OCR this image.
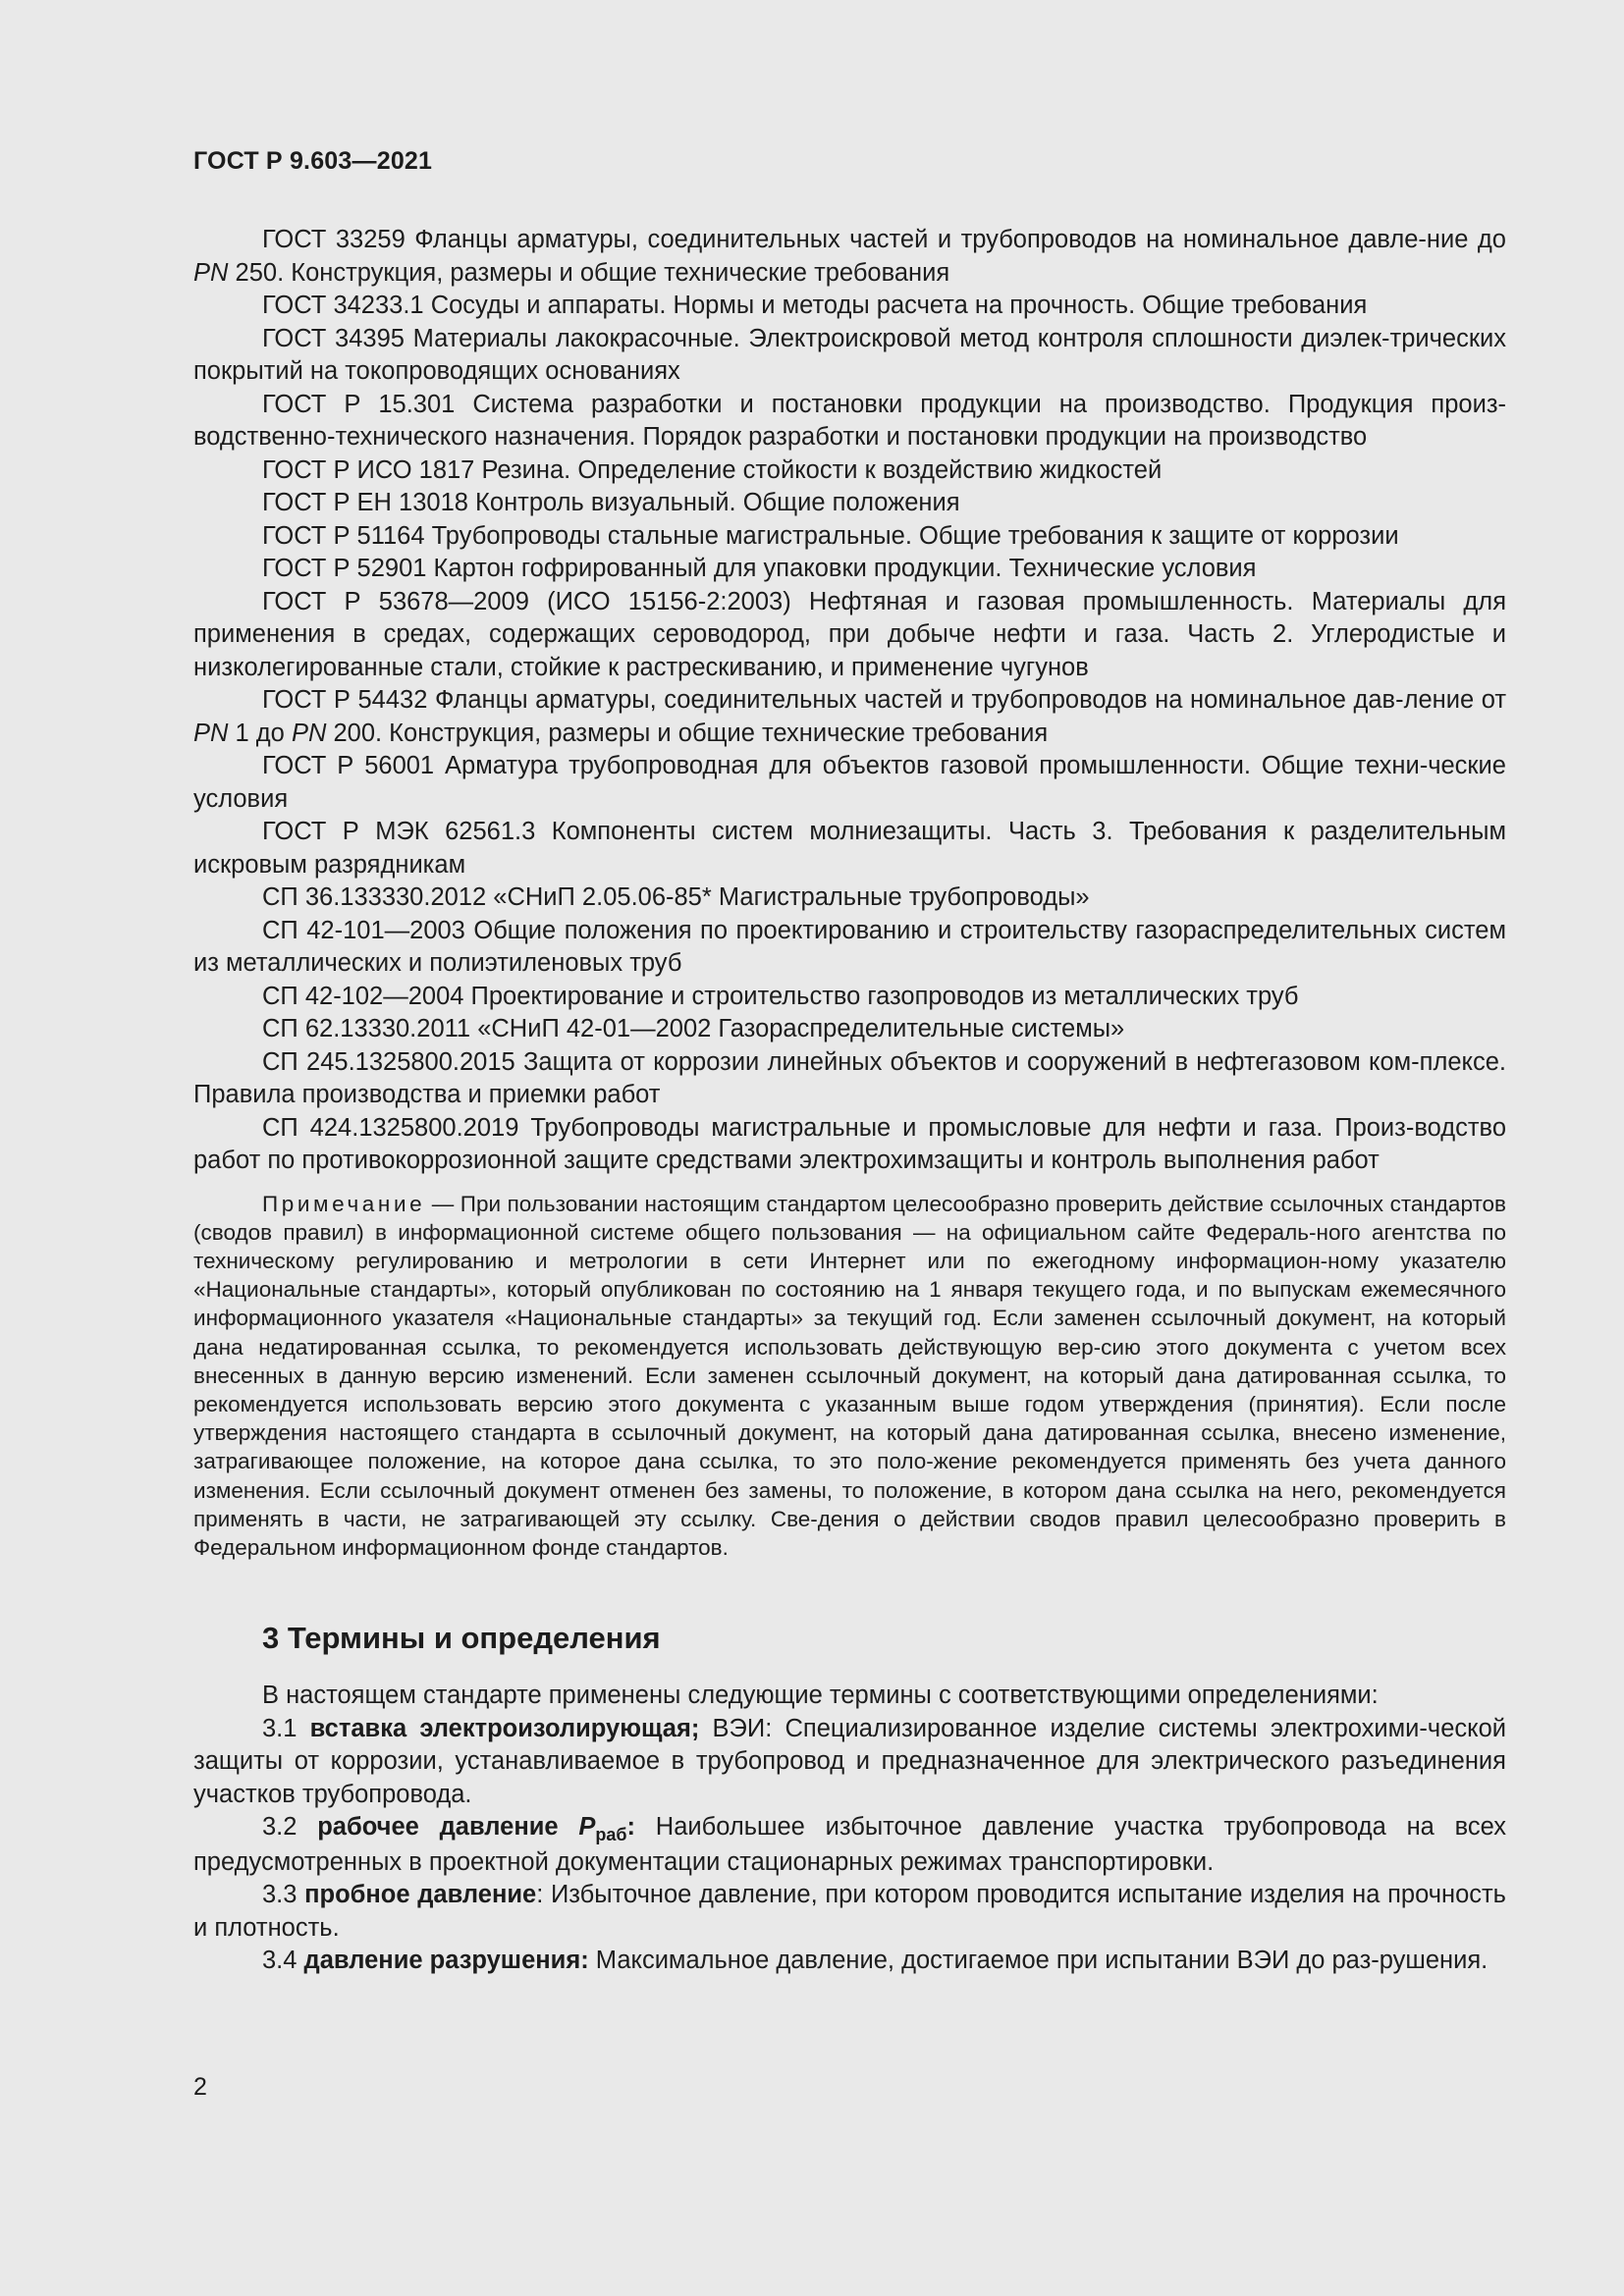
ГОСТ Р 9.603—2021

ГОСТ 33259 Фланцы арматуры, соединительных частей и трубопроводов на номинальное давле-ние до PN 250. Конструкция, размеры и общие технические требования

ГОСТ 34233.1 Сосуды и аппараты. Нормы и методы расчета на прочность. Общие требования

ГОСТ 34395 Материалы лакокрасочные. Электроискровой метод контроля сплошности диэлек-трических покрытий на токопроводящих основаниях

ГОСТ Р 15.301 Система разработки и постановки продукции на производство. Продукция произ-водственно-технического назначения. Порядок разработки и постановки продукции на производство

ГОСТ Р ИСО 1817 Резина. Определение стойкости к воздействию жидкостей

ГОСТ Р ЕН 13018 Контроль визуальный. Общие положения

ГОСТ Р 51164 Трубопроводы стальные магистральные. Общие требования к защите от коррозии

ГОСТ Р 52901 Картон гофрированный для упаковки продукции. Технические условия

ГОСТ Р 53678—2009 (ИСО 15156-2:2003) Нефтяная и газовая промышленность. Материалы для применения в средах, содержащих сероводород, при добыче нефти и газа. Часть 2. Углеродистые и низколегированные стали, стойкие к растрескиванию, и применение чугунов

ГОСТ Р 54432 Фланцы арматуры, соединительных частей и трубопроводов на номинальное дав-ление от PN 1 до PN 200. Конструкция, размеры и общие технические требования

ГОСТ Р 56001 Арматура трубопроводная для объектов газовой промышленности. Общие техни-ческие условия

ГОСТ Р МЭК 62561.3 Компоненты систем молниезащиты. Часть 3. Требования к разделительным искровым разрядникам

СП 36.133330.2012 «СНиП 2.05.06-85* Магистральные трубопроводы»

СП 42-101—2003 Общие положения по проектированию и строительству газораспределительных систем из металлических и полиэтиленовых труб

СП 42-102—2004 Проектирование и строительство газопроводов из металлических труб

СП 62.13330.2011 «СНиП 42-01—2002 Газораспределительные системы»

СП 245.1325800.2015 Защита от коррозии линейных объектов и сооружений в нефтегазовом ком-плексе. Правила производства и приемки работ

СП 424.1325800.2019 Трубопроводы магистральные и промысловые для нефти и газа. Произ-водство работ по противокоррозионной защите средствами электрохимзащиты и контроль выполнения работ

Примечание — При пользовании настоящим стандартом целесообразно проверить действие ссылочных стандартов (сводов правил) в информационной системе общего пользования — на официальном сайте Федераль-ного агентства по техническому регулированию и метрологии в сети Интернет или по ежегодному информацион-ному указателю «Национальные стандарты», который опубликован по состоянию на 1 января текущего года, и по выпускам ежемесячного информационного указателя «Национальные стандарты» за текущий год. Если заменен ссылочный документ, на который дана недатированная ссылка, то рекомендуется использовать действующую вер-сию этого документа с учетом всех внесенных в данную версию изменений. Если заменен ссылочный документ, на который дана датированная ссылка, то рекомендуется использовать версию этого документа с указанным выше годом утверждения (принятия). Если после утверждения настоящего стандарта в ссылочный документ, на который дана датированная ссылка, внесено изменение, затрагивающее положение, на которое дана ссылка, то это поло-жение рекомендуется применять без учета данного изменения. Если ссылочный документ отменен без замены, то положение, в котором дана ссылка на него, рекомендуется применять в части, не затрагивающей эту ссылку. Све-дения о действии сводов правил целесообразно проверить в Федеральном информационном фонде стандартов.

3 Термины и определения

В настоящем стандарте применены следующие термины с соответствующими определениями:

3.1 вставка электроизолирующая; ВЭИ: Специализированное изделие системы электрохими-ческой защиты от коррозии, устанавливаемое в трубопровод и предназначенное для электрического разъединения участков трубопровода.

3.2 рабочее давление $P_{раб}$: Наибольшее избыточное давление участка трубопровода на всех предусмотренных в проектной документации стационарных режимах транспортировки.

3.3 пробное давление: Избыточное давление, при котором проводится испытание изделия на прочность и плотность.

3.4 давление разрушения: Максимальное давление, достигаемое при испытании ВЭИ до раз-рушения.

2
